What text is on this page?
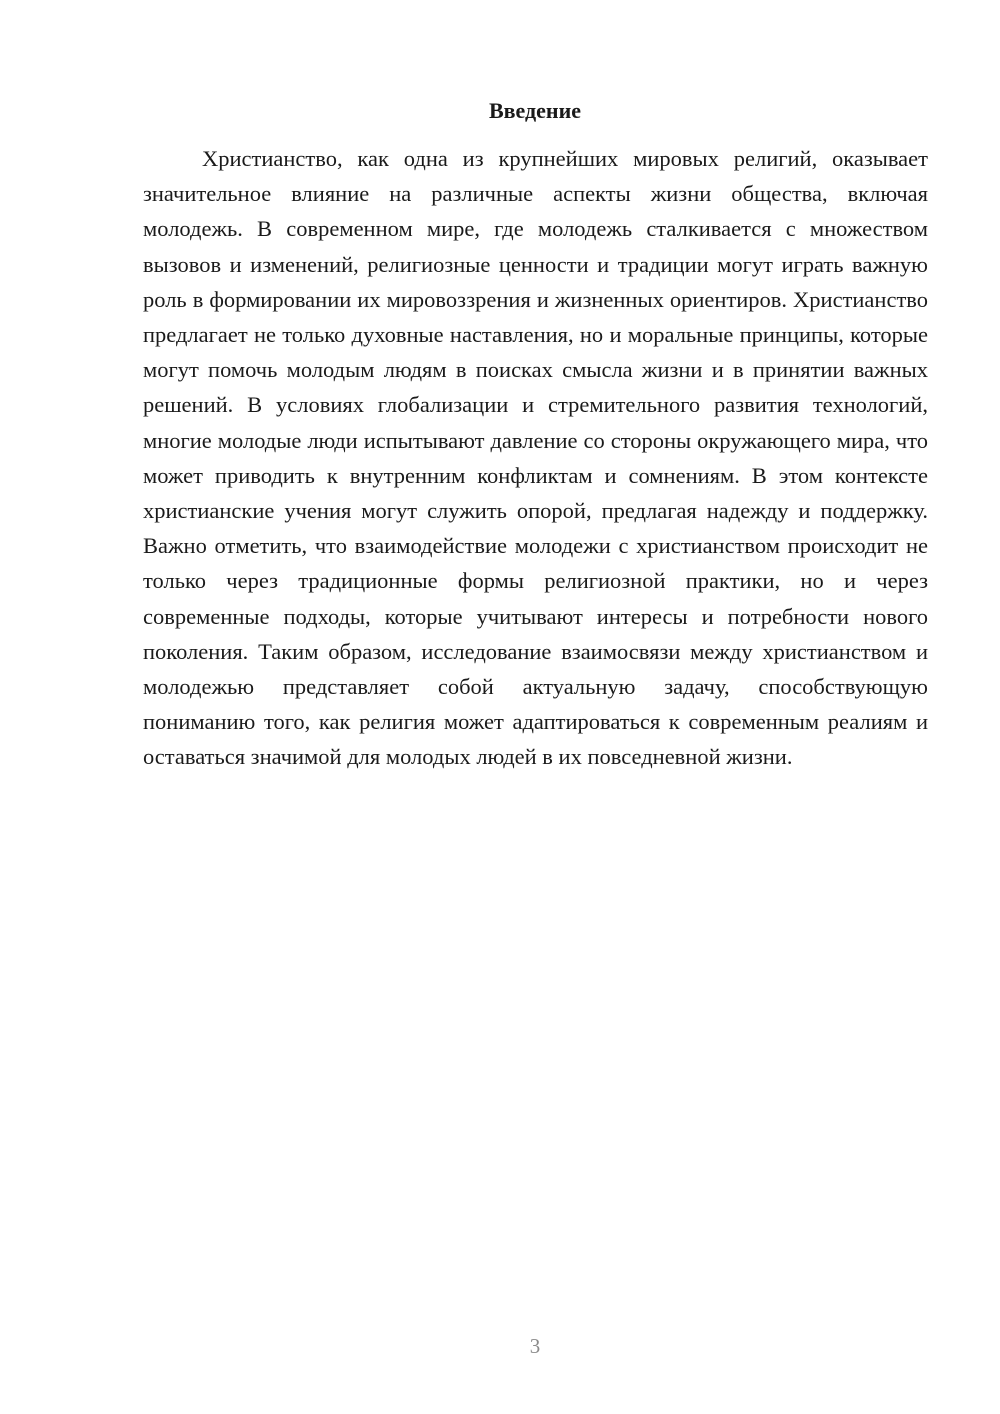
Введение

Христианство, как одна из крупнейших мировых религий, оказывает значительное влияние на различные аспекты жизни общества, включая молодежь. В современном мире, где молодежь сталкивается с множеством вызовов и изменений, религиозные ценности и традиции могут играть важную роль в формировании их мировоззрения и жизненных ориентиров. Христианство предлагает не только духовные наставления, но и моральные принципы, которые могут помочь молодым людям в поисках смысла жизни и в принятии важных решений. В условиях глобализации и стремительного развития технологий, многие молодые люди испытывают давление со стороны окружающего мира, что может приводить к внутренним конфликтам и сомнениям. В этом контексте христианские учения могут служить опорой, предлагая надежду и поддержку. Важно отметить, что взаимодействие молодежи с христианством происходит не только через традиционные формы религиозной практики, но и через современные подходы, которые учитывают интересы и потребности нового поколения. Таким образом, исследование взаимосвязи между христианством и молодежью представляет собой актуальную задачу, способствующую пониманию того, как религия может адаптироваться к современным реалиям и оставаться значимой для молодых людей в их повседневной жизни.

3
